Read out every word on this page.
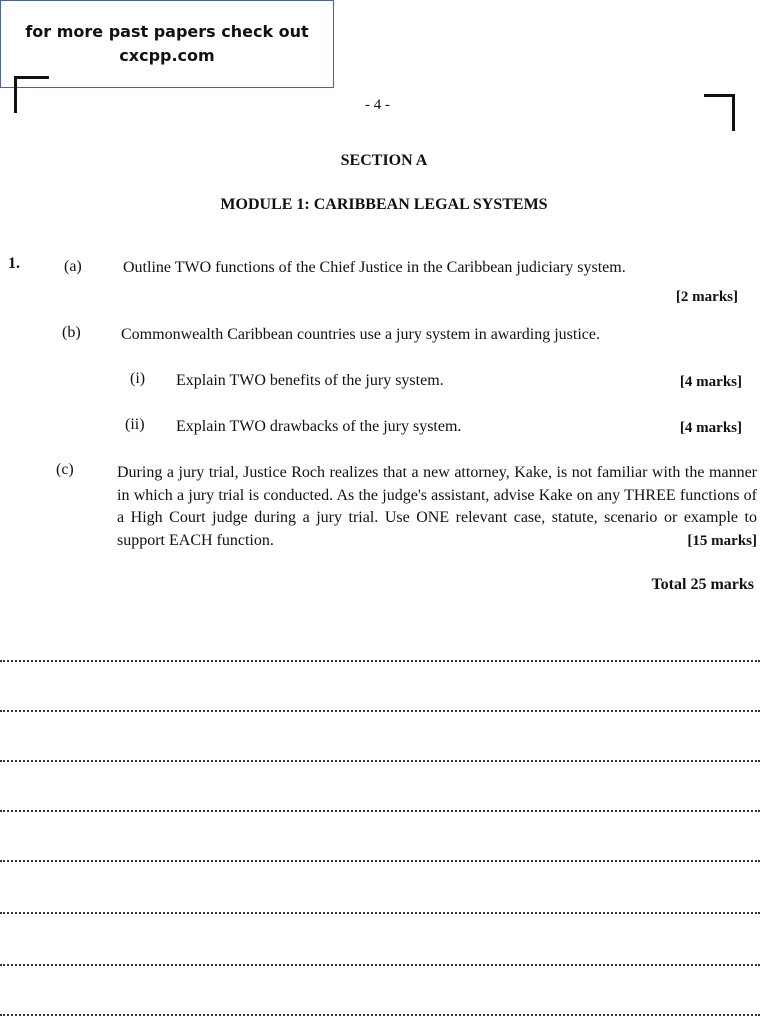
for more past papers check out
cxcpp.com
- 4 -
SECTION A
MODULE 1: CARIBBEAN LEGAL SYSTEMS
1.	(a)	Outline TWO functions of the Chief Justice in the Caribbean judiciary system.
[2 marks]
(b)	Commonwealth Caribbean countries use a jury system in awarding justice.
(i) Explain TWO benefits of the jury system.	[4 marks]
(ii) Explain TWO drawbacks of the jury system.	[4 marks]
(c)	During a jury trial, Justice Roch realizes that a new attorney, Kake, is not familiar with the manner in which a jury trial is conducted. As the judge's assistant, advise Kake on any THREE functions of a High Court judge during a jury trial. Use ONE relevant case, statute, scenario or example to support EACH function.	[15 marks]
Total 25 marks
